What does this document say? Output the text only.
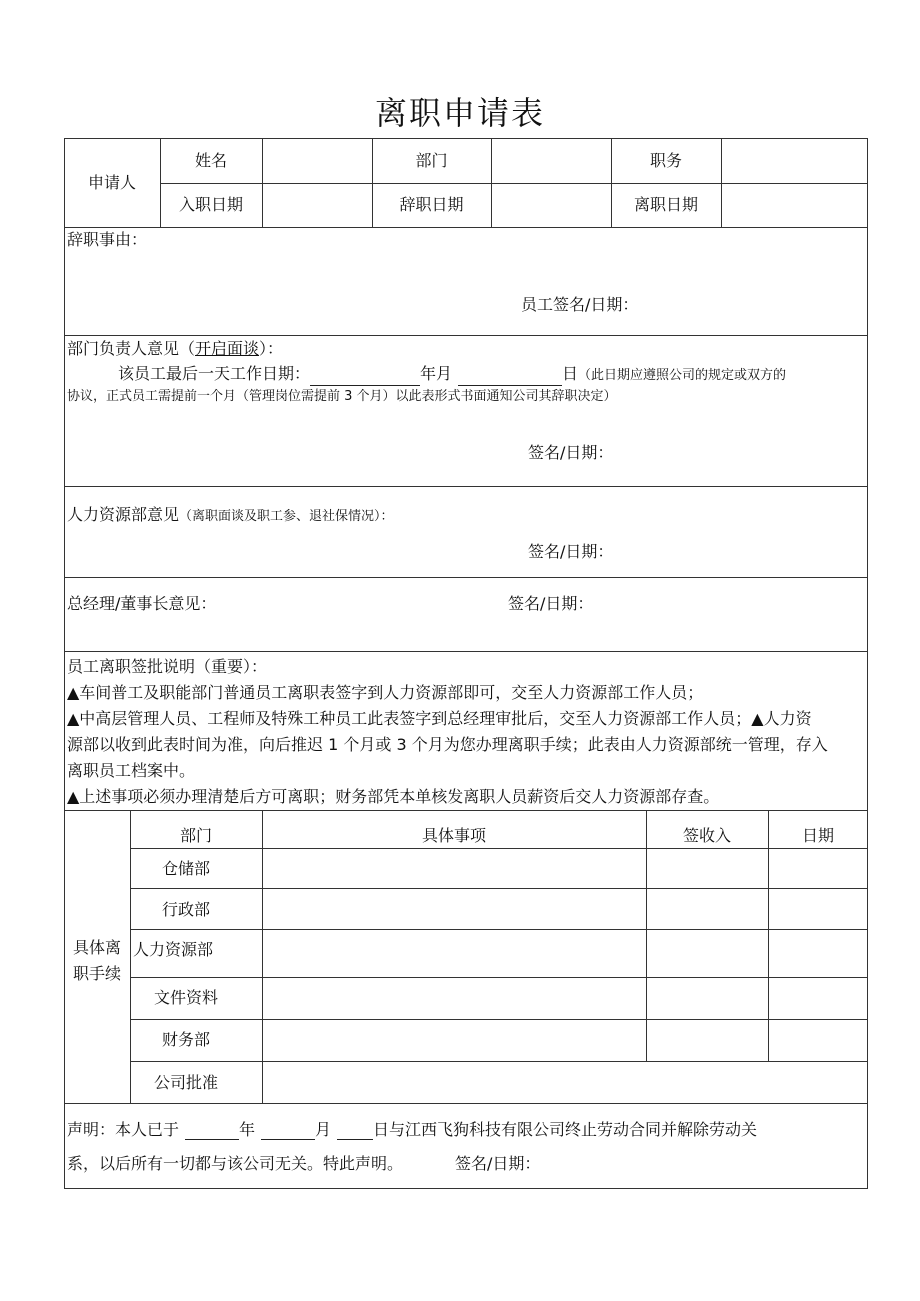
离职申请表
申请人
姓名	部门	职务
入职日期	辞职日期	离职日期
辞职事由：
员工签名/日期：
部门负责人意见（开启面谈）：
该员工最后一天工作日期：	年月	日（此日期应遵照公司的规定或双方的
协议，正式员工需提前一个月（管理岗位需提前 3 个月）以此表形式书面通知公司其辞职决定）
签名/日期：
人力资源部意见（离职面谈及职工参、退社保情况）：
签名/日期：
总经理/董事长意见：	签名/日期：
员工离职签批说明（重要）：
▲车间普工及职能部门普通员工离职表签字到人力资源部即可，交至人力资源部工作人员；
▲中高层管理人员、工程师及特殊工种员工此表签字到总经理审批后，交至人力资源部工作人员；▲人力资
源部以收到此表时间为准，向后推迟 1 个月或 3 个月为您办理离职手续；此表由人力资源部统一管理，存入
离职员工档案中。
▲上述事项必须办理清楚后方可离职；财务部凭本单核发离职人员薪资后交人力资源部存查。
具体离
职手续
部门	具体事项	签收入	日期
仓储部
行政部
人力资源部
文件资料
财务部
公司批准
声明：本人已于	年	月	日与江西飞狗科技有限公司终止劳动合同并解除劳动关
系，以后所有一切都与该公司无关。特此声明。	签名/日期：
